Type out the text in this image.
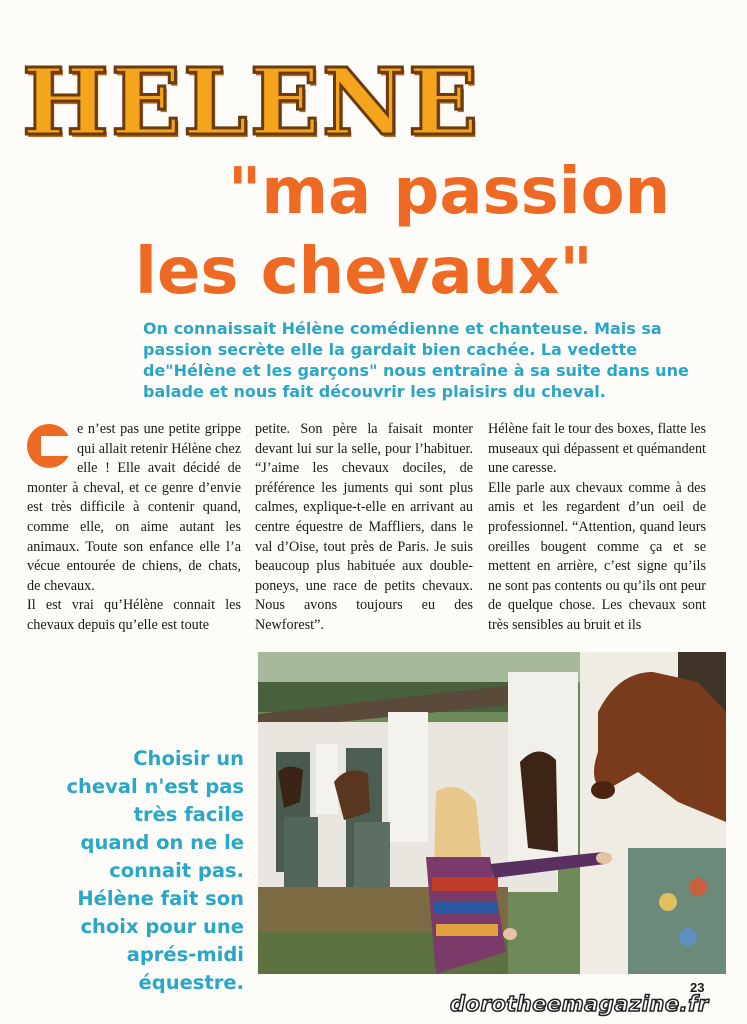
HELENE
"ma passion
les chevaux"
On connaissait Hélène comédienne et chanteuse. Mais sa passion secrète elle la gardait bien cachée. La vedette de"Hélène et les garçons" nous entraîne à sa suite dans une balade et nous fait découvrir les plaisirs du cheval.

e n’est pas une petite grippe qui allait retenir Hélène chez elle ! Elle avait décidé de monter à cheval, et ce genre d’envie est très difficile à contenir quand, comme elle, on aime autant les animaux. Toute son enfance elle l’a vécue entourée de chiens, de chats, de chevaux.

Il est vrai qu’Hélène connait les chevaux depuis qu’elle est toute

petite. Son père la faisait monter devant lui sur la selle, pour l’habituer. “J’aime les chevaux dociles, de préférence les juments qui sont plus calmes, explique-t-elle en arrivant au centre équestre de Maffliers, dans le val d’Oise, tout près de Paris. Je suis beaucoup plus habituée aux double-poneys, une race de petits chevaux. Nous avons toujours eu des Newforest”.

Hélène fait le tour des boxes, flatte les museaux qui dépassent et quémandent une caresse.

Elle parle aux chevaux comme à des amis et les regardent d’un oeil de professionnel. “Attention, quand leurs oreilles bougent comme ça et se mettent en arrière, c’est signe qu’ils ne sont pas contents ou qu’ils ont peur de quelque chose. Les chevaux sont très sensibles au bruit et ils

Choisir un cheval n'est pas très facile quand on ne le connait pas. Hélène fait son choix pour une aprés-midi équestre.	23
dorotheemagazine.fr
